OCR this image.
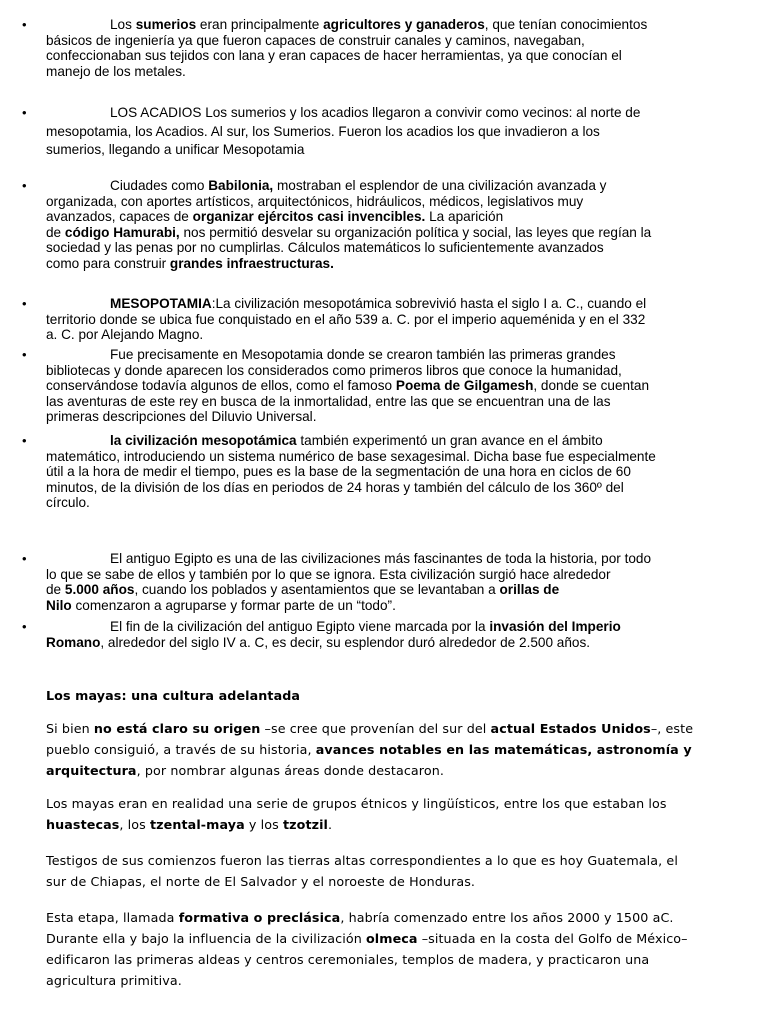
•	Los sumerios eran principalmente agricultores y ganaderos, que tenían conocimientos
básicos de ingeniería ya que fueron capaces de construir canales y caminos, navegaban,
confeccionaban sus tejidos con lana y eran capaces de hacer herramientas, ya que conocían el
manejo de los metales.
•	LOS ACADIOS Los sumerios y los acadios llegaron a convivir como vecinos: al norte de
mesopotamia, los Acadios. Al sur, los Sumerios. Fueron los acadios los que invadieron a los
sumerios, llegando a unificar Mesopotamia
•	Ciudades como Babilonia, mostraban el esplendor de una civilización avanzada y
organizada, con aportes artísticos, arquitectónicos, hidráulicos, médicos, legislativos muy
avanzados, capaces de organizar ejércitos casi invencibles. La aparición
de código Hamurabi, nos permitió desvelar su organización política y social, las leyes que regían la
sociedad y las penas por no cumplirlas. Cálculos matemáticos lo suficientemente avanzados
como para construir grandes infraestructuras.
•	MESOPOTAMIA:La civilización mesopotámica sobrevivió hasta el siglo I a. C., cuando el
territorio donde se ubica fue conquistado en el año 539 a. C. por el imperio aqueménida y en el 332
a. C. por Alejando Magno.
•	Fue precisamente en Mesopotamia donde se crearon también las primeras grandes
bibliotecas y donde aparecen los considerados como primeros libros que conoce la humanidad,
conservándose todavía algunos de ellos, como el famoso Poema de Gilgamesh, donde se cuentan
las aventuras de este rey en busca de la inmortalidad, entre las que se encuentran una de las
primeras descripciones del Diluvio Universal.
•	la civilización mesopotámica también experimentó un gran avance en el ámbito
matemático, introduciendo un sistema numérico de base sexagesimal. Dicha base fue especialmente
útil a la hora de medir el tiempo, pues es la base de la segmentación de una hora en ciclos de 60
minutos, de la división de los días en periodos de 24 horas y también del cálculo de los 360º del
círculo.
•	El antiguo Egipto es una de las civilizaciones más fascinantes de toda la historia, por todo
lo que se sabe de ellos y también por lo que se ignora. Esta civilización surgió hace alrededor
de 5.000 años, cuando los poblados y asentamientos que se levantaban a orillas de
Nilo comenzaron a agruparse y formar parte de un “todo”.
•	El fin de la civilización del antiguo Egipto viene marcada por la invasión del Imperio
Romano, alrededor del siglo IV a. C, es decir, su esplendor duró alrededor de 2.500 años.
Los mayas: una cultura adelantada

Si bien no está claro su origen –se cree que provenían del sur del actual Estados Unidos–, este
pueblo consiguió, a través de su historia, avances notables en las matemáticas, astronomía y
arquitectura, por nombrar algunas áreas donde destacaron.

Los mayas eran en realidad una serie de grupos étnicos y lingüísticos, entre los que estaban los
huastecas, los tzental-maya y los tzotzil.

Testigos de sus comienzos fueron las tierras altas correspondientes a lo que es hoy Guatemala, el
sur de Chiapas, el norte de El Salvador y el noroeste de Honduras.

Esta etapa, llamada formativa o preclásica, habría comenzado entre los años 2000 y 1500 aC.
Durante ella y bajo la influencia de la civilización olmeca –situada en la costa del Golfo de México–
edificaron las primeras aldeas y centros ceremoniales, templos de madera, y practicaron una
agricultura primitiva.
